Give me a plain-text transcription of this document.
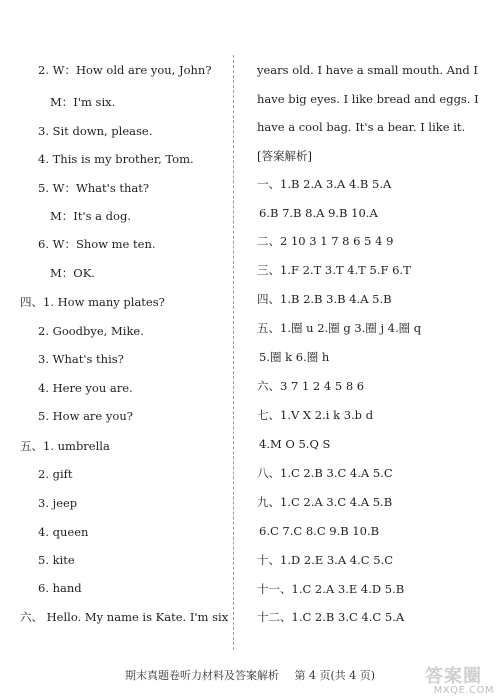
2. W：How old are you, John?
M：I'm six.
3. Sit down, please.
4. This is my brother, Tom.
5. W：What's that?
M：It's a dog.
6. W：Show me ten.
M：OK.
四、1. How many plates?
2. Goodbye, Mike.
3. What's this?
4. Here you are.
5. How are you?
五、1. umbrella
2. gift
3. jeep
4. queen
5. kite
6. hand
六、 Hello. My name is Kate. I'm six
years old. I have a small mouth. And I
have big eyes. I like bread and eggs. I
have a cool bag. It's a bear. I like it.
[答案解析]
一、1.B 2.A 3.A 4.B 5.A
6.B 7.B 8.A 9.B 10.A
二、2 10 3 1 7 8 6 5 4 9
三、1.F 2.T 3.T 4.T 5.F 6.T
四、1.B 2.B 3.B 4.A 5.B
五、1.圈 u 2.圈 g 3.圈 j 4.圈 q
5.圈 k 6.圈 h
六、3 7 1 2 4 5 8 6
七、1.V X 2.i k 3.b d
4.M O 5.Q S
八、1.C 2.B 3.C 4.A 5.C
九、1.C 2.A 3.C 4.A 5.B
6.C 7.C 8.C 9.B 10.B
十、1.D 2.E 3.A 4.C 5.C
十一、1.C 2.A 3.E 4.D 5.B
十二、1.C 2.B 3.C 4.C 5.A
期末真题卷听力材料及答案解析 第 4 页(共 4 页)	答案圈
MXQE.COM
